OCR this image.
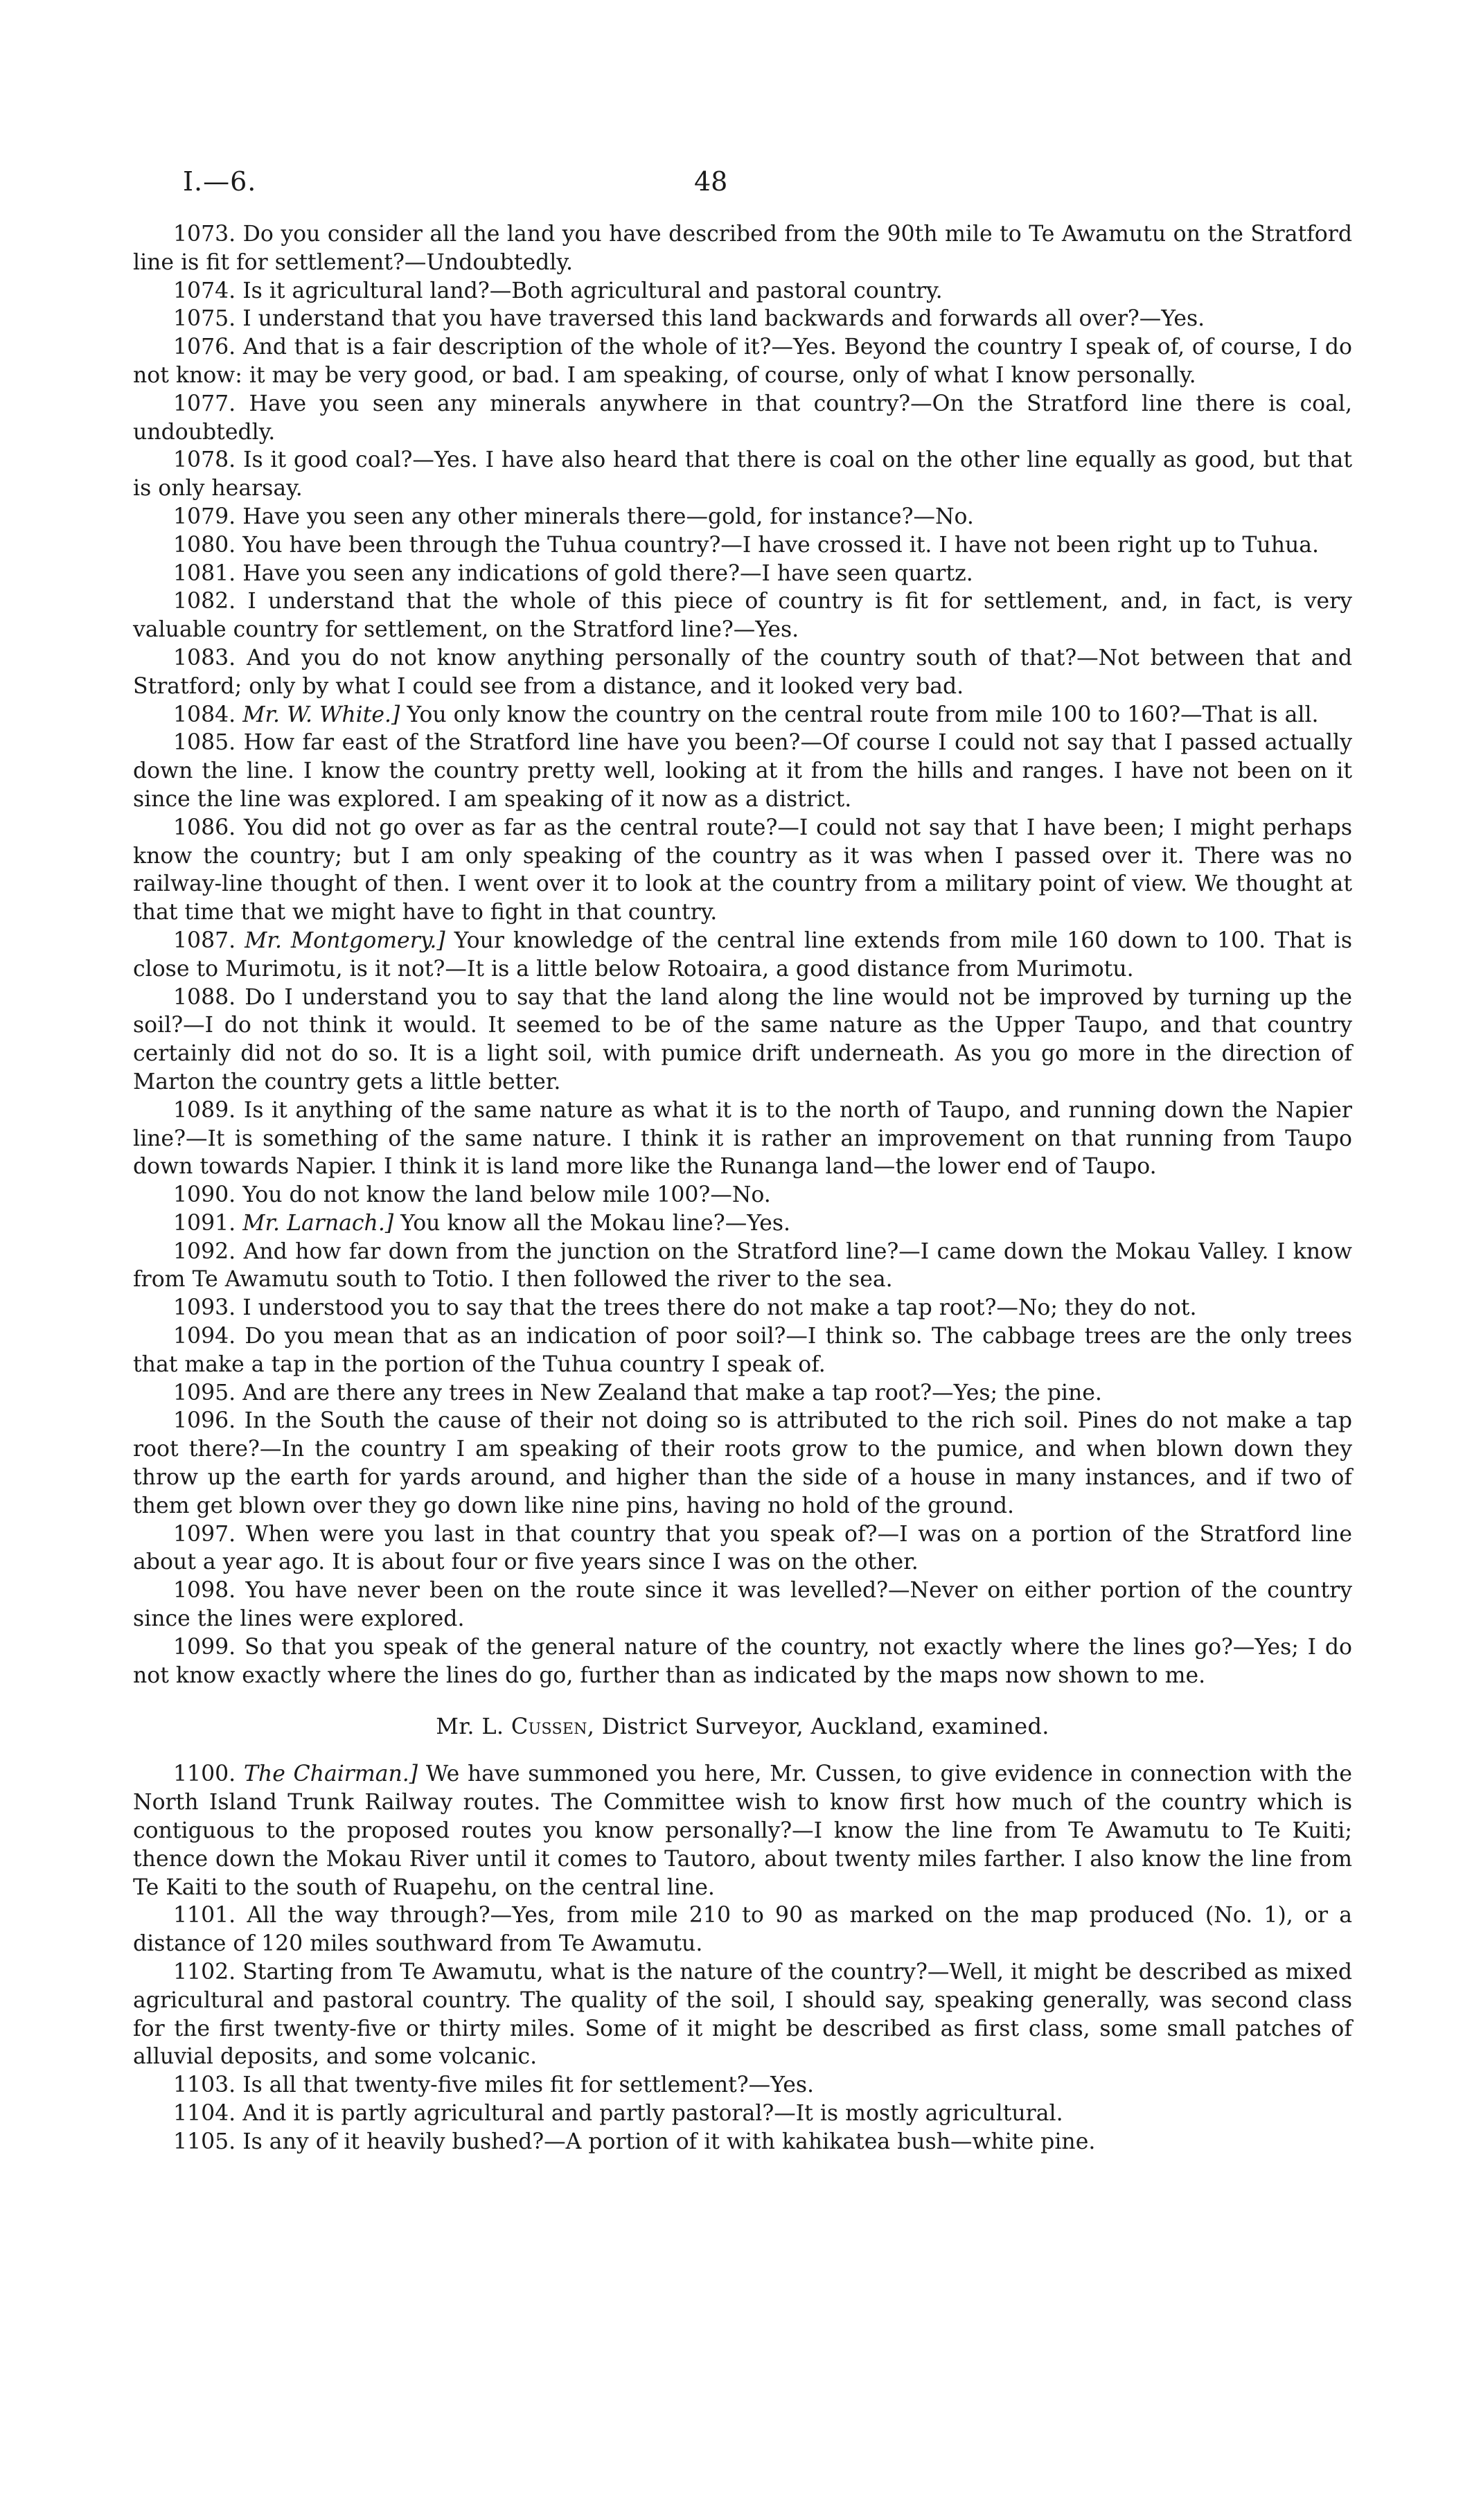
I.—6.	48

1073. Do you consider all the land you have described from the 90th mile to Te Awamutu on the Stratford line is fit for settlement?—Undoubtedly.

1074. Is it agricultural land?—Both agricultural and pastoral country.

1075. I understand that you have traversed this land backwards and forwards all over?—Yes.

1076. And that is a fair description of the whole of it?—Yes. Beyond the country I speak of, of course, I do not know: it may be very good, or bad. I am speaking, of course, only of what I know personally.

1077. Have you seen any minerals anywhere in that country?—On the Stratford line there is coal, undoubtedly.

1078. Is it good coal?—Yes. I have also heard that there is coal on the other line equally as good, but that is only hearsay.

1079. Have you seen any other minerals there—gold, for instance?—No.

1080. You have been through the Tuhua country?—I have crossed it. I have not been right up to Tuhua.

1081. Have you seen any indications of gold there?—I have seen quartz.

1082. I understand that the whole of this piece of country is fit for settlement, and, in fact, is very valuable country for settlement, on the Stratford line?—Yes.

1083. And you do not know anything personally of the country south of that?—Not between that and Stratford; only by what I could see from a distance, and it looked very bad.

1084. Mr. W. White.] You only know the country on the central route from mile 100 to 160?—That is all.

1085. How far east of the Stratford line have you been?—Of course I could not say that I passed actually down the line. I know the country pretty well, looking at it from the hills and ranges. I have not been on it since the line was explored. I am speaking of it now as a district.

1086. You did not go over as far as the central route?—I could not say that I have been; I might perhaps know the country; but I am only speaking of the country as it was when I passed over it. There was no railway-line thought of then. I went over it to look at the country from a military point of view. We thought at that time that we might have to fight in that country.

1087. Mr. Montgomery.] Your knowledge of the central line extends from mile 160 down to 100. That is close to Murimotu, is it not?—It is a little below Rotoaira, a good distance from Murimotu.

1088. Do I understand you to say that the land along the line would not be improved by turning up the soil?—I do not think it would. It seemed to be of the same nature as the Upper Taupo, and that country certainly did not do so. It is a light soil, with pumice drift underneath. As you go more in the direction of Marton the country gets a little better.

1089. Is it anything of the same nature as what it is to the north of Taupo, and running down the Napier line?—It is something of the same nature. I think it is rather an improvement on that running from Taupo down towards Napier. I think it is land more like the Runanga land—the lower end of Taupo.

1090. You do not know the land below mile 100?—No.

1091. Mr. Larnach.] You know all the Mokau line?—Yes.

1092. And how far down from the junction on the Stratford line?—I came down the Mokau Valley. I know from Te Awamutu south to Totio. I then followed the river to the sea.

1093. I understood you to say that the trees there do not make a tap root?—No; they do not.

1094. Do you mean that as an indication of poor soil?—I think so. The cabbage trees are the only trees that make a tap in the portion of the Tuhua country I speak of.

1095. And are there any trees in New Zealand that make a tap root?—Yes; the pine.

1096. In the South the cause of their not doing so is attributed to the rich soil. Pines do not make a tap root there?—In the country I am speaking of their roots grow to the pumice, and when blown down they throw up the earth for yards around, and higher than the side of a house in many instances, and if two of them get blown over they go down like nine pins, having no hold of the ground.

1097. When were you last in that country that you speak of?—I was on a portion of the Stratford line about a year ago. It is about four or five years since I was on the other.

1098. You have never been on the route since it was levelled?—Never on either portion of the country since the lines were explored.

1099. So that you speak of the general nature of the country, not exactly where the lines go?—Yes; I do not know exactly where the lines do go, further than as indicated by the maps now shown to me.

Mr. L. Cussen, District Surveyor, Auckland, examined.

1100. The Chairman.] We have summoned you here, Mr. Cussen, to give evidence in connection with the North Island Trunk Railway routes. The Committee wish to know first how much of the country which is contiguous to the proposed routes you know personally?—I know the line from Te Awamutu to Te Kuiti; thence down the Mokau River until it comes to Tautoro, about twenty miles farther. I also know the line from Te Kaiti to the south of Ruapehu, on the central line.

1101. All the way through?—Yes, from mile 210 to 90 as marked on the map produced (No. 1), or a distance of 120 miles southward from Te Awamutu.

1102. Starting from Te Awamutu, what is the nature of the country?—Well, it might be described as mixed agricultural and pastoral country. The quality of the soil, I should say, speaking generally, was second class for the first twenty-five or thirty miles. Some of it might be described as first class, some small patches of alluvial deposits, and some volcanic.

1103. Is all that twenty-five miles fit for settlement?—Yes.

1104. And it is partly agricultural and partly pastoral?—It is mostly agricultural.

1105. Is any of it heavily bushed?—A portion of it with kahikatea bush—white pine.
